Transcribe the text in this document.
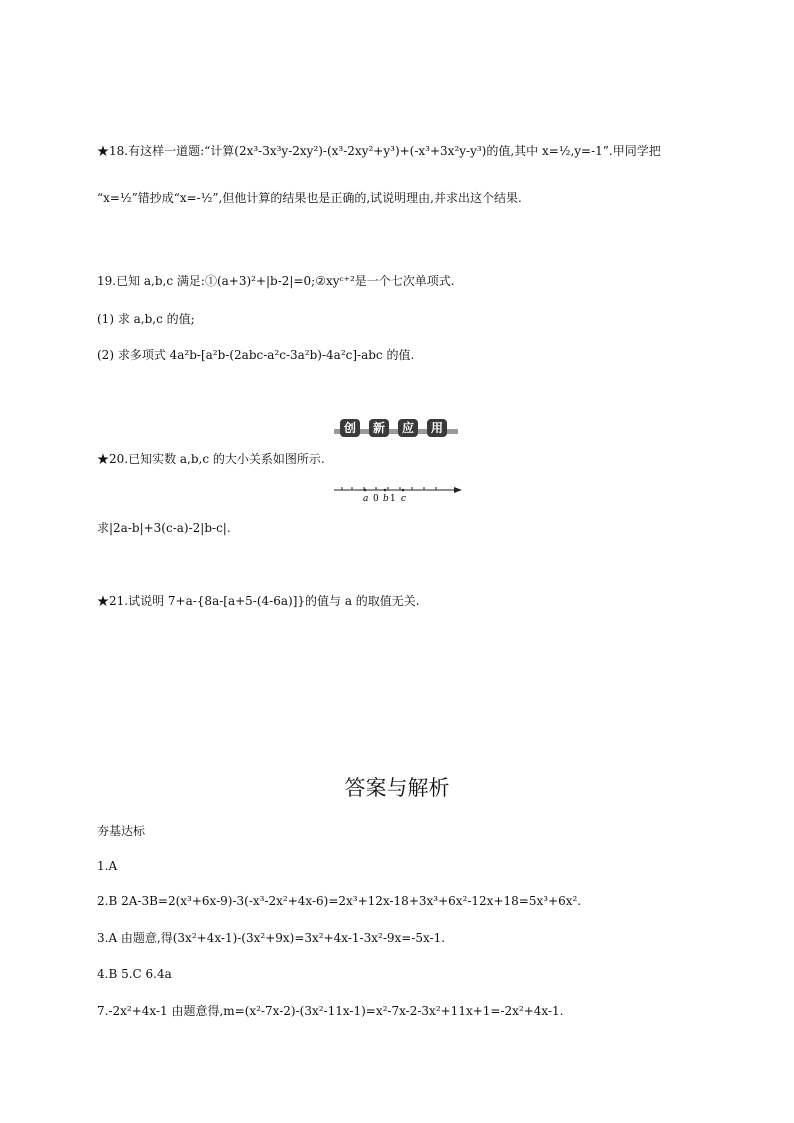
★18.有这样一道题:“计算(2x³-3x³y-2xy²)-(x³-2xy²+y³)+(-x³+3x²y-y³)的值,其中 x=½,y=-1”.甲同学把
“x=½”错抄成“x=-½”,但他计算的结果也是正确的,试说明理由,并求出这个结果.
19.已知 a,b,c 满足:①(a+3)²+|b-2|=0;②xyᶜ⁺²是一个七次单项式.
(1) 求 a,b,c 的值;
(2) 求多项式 4a²b-[a²b-(2abc-a²c-3a²b)-4a²c]-abc 的值.
创	新	应	用
★20.已知实数 a,b,c 的大小关系如图所示.
a 0 b 1 c
求|2a-b|+3(c-a)-2|b-c|.
★21.试说明 7+a-{8a-[a+5-(4-6a)]}的值与 a 的取值无关.
答案与解析
夯基达标
1.A
2.B 2A-3B=2(x³+6x-9)-3(-x³-2x²+4x-6)=2x³+12x-18+3x³+6x²-12x+18=5x³+6x².
3.A 由题意,得(3x²+4x-1)-(3x²+9x)=3x²+4x-1-3x²-9x=-5x-1.
4.B 5.C 6.4a
7.-2x²+4x-1 由题意得,m=(x²-7x-2)-(3x²-11x-1)=x²-7x-2-3x²+11x+1=-2x²+4x-1.
